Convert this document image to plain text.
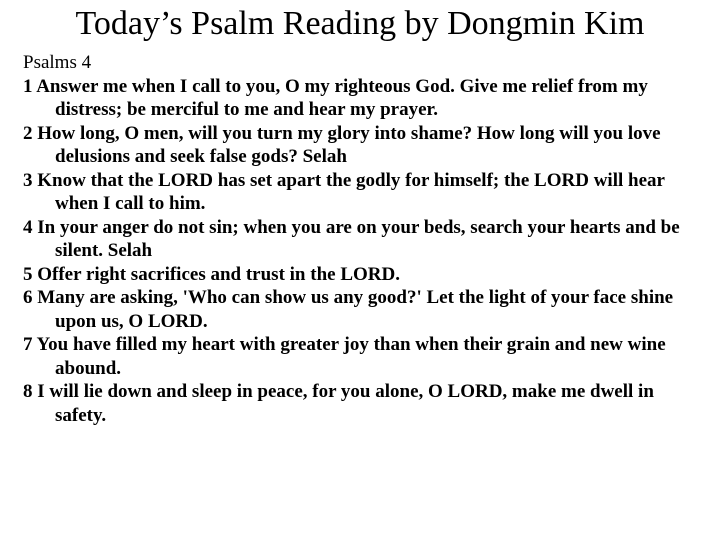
Today’s Psalm Reading by Dongmin Kim
Psalms 4
1 Answer me when I call to you, O my righteous God. Give me relief from my distress; be merciful to me and hear my prayer.
2 How long, O men, will you turn my glory into shame? How long will you love delusions and seek false gods? Selah
3 Know that the LORD has set apart the godly for himself; the LORD will hear when I call to him.
4 In your anger do not sin; when you are on your beds, search your hearts and be silent. Selah
5 Offer right sacrifices and trust in the LORD.
6 Many are asking, 'Who can show us any good?' Let the light of your face shine upon us, O LORD.
7 You have filled my heart with greater joy than when their grain and new wine abound.
8 I will lie down and sleep in peace, for you alone, O LORD, make me dwell in safety.
